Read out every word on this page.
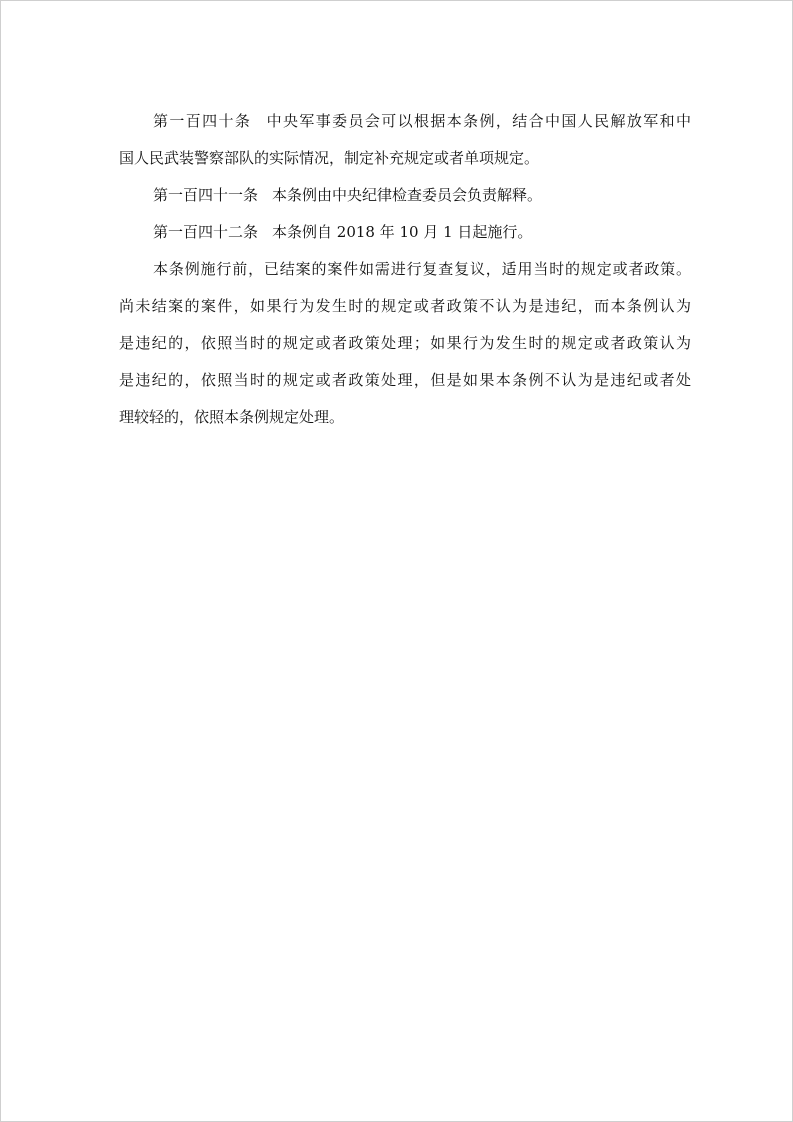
第一百四十条 中央军事委员会可以根据本条例，结合中国人民解放军和中
国人民武装警察部队的实际情况，制定补充规定或者单项规定。

第一百四十一条 本条例由中央纪律检查委员会负责解释。

第一百四十二条 本条例自 2018 年 10 月 1 日起施行。

本条例施行前，已结案的案件如需进行复查复议，适用当时的规定或者政策。
尚未结案的案件，如果行为发生时的规定或者政策不认为是违纪，而本条例认为
是违纪的，依照当时的规定或者政策处理；如果行为发生时的规定或者政策认为
是违纪的，依照当时的规定或者政策处理，但是如果本条例不认为是违纪或者处
理较轻的，依照本条例规定处理。
